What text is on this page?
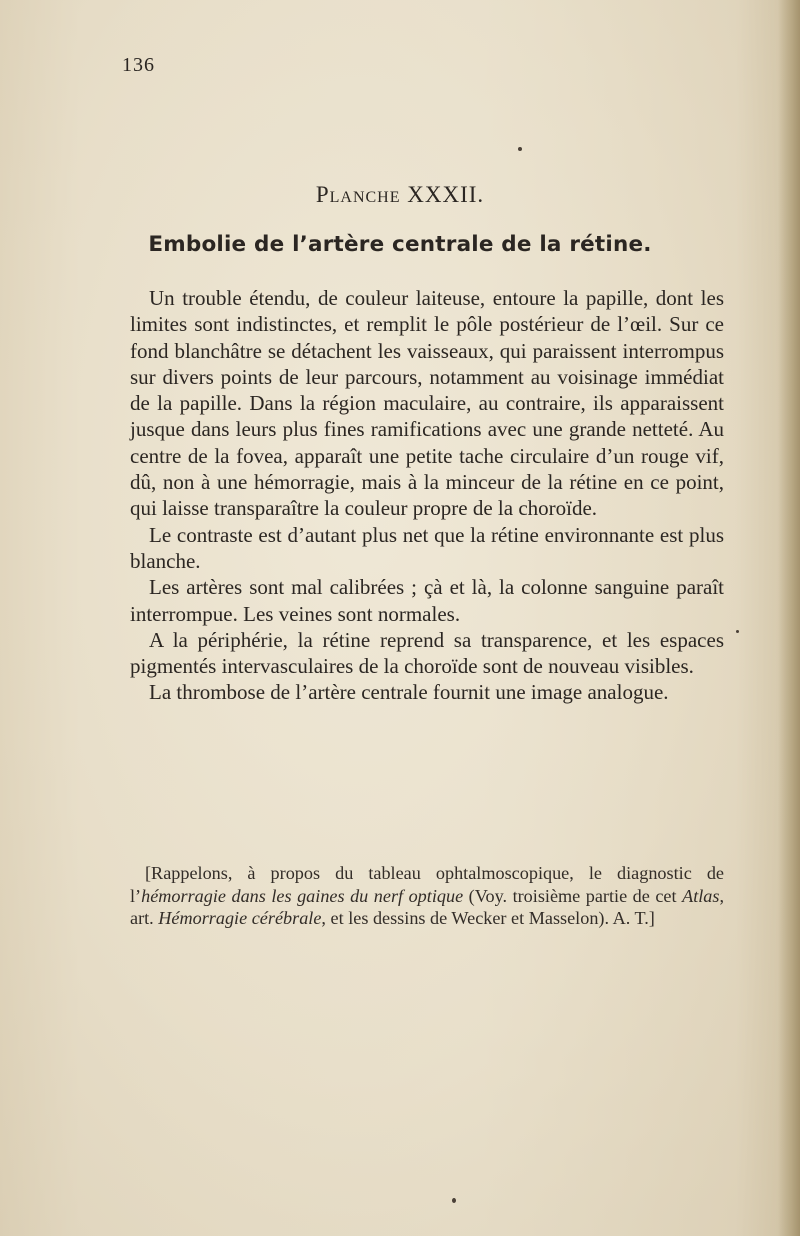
136
Planche XXXII.
Embolie de l’artère centrale de la rétine.

Un trouble étendu, de couleur laiteuse, entoure la papille, dont les limites sont indistinctes, et remplit le pôle postérieur de l’œil. Sur ce fond blanchâtre se détachent les vaisseaux, qui paraissent interrompus sur divers points de leur parcours, notamment au voisinage immédiat de la papille. Dans la région maculaire, au contraire, ils apparaissent jusque dans leurs plus fines ramifications avec une grande netteté. Au centre de la fovea, apparaît une petite tache circulaire d’un rouge vif, dû, non à une hémorragie, mais à la minceur de la rétine en ce point, qui laisse transparaître la couleur propre de la choroïde.

Le contraste est d’autant plus net que la rétine environnante est plus blanche.

Les artères sont mal calibrées ; çà et là, la colonne sanguine paraît interrompue. Les veines sont normales.

A la périphérie, la rétine reprend sa transparence, et les espaces pigmentés intervasculaires de la choroïde sont de nouveau visibles.

La thrombose de l’artère centrale fournit une image analogue.

[Rappelons, à propos du tableau ophtalmoscopique, le diagnostic de l’hémorragie dans les gaines du nerf optique (Voy. troisième partie de cet Atlas, art. Hémorragie cérébrale, et les dessins de Wecker et Masselon). A. T.]
